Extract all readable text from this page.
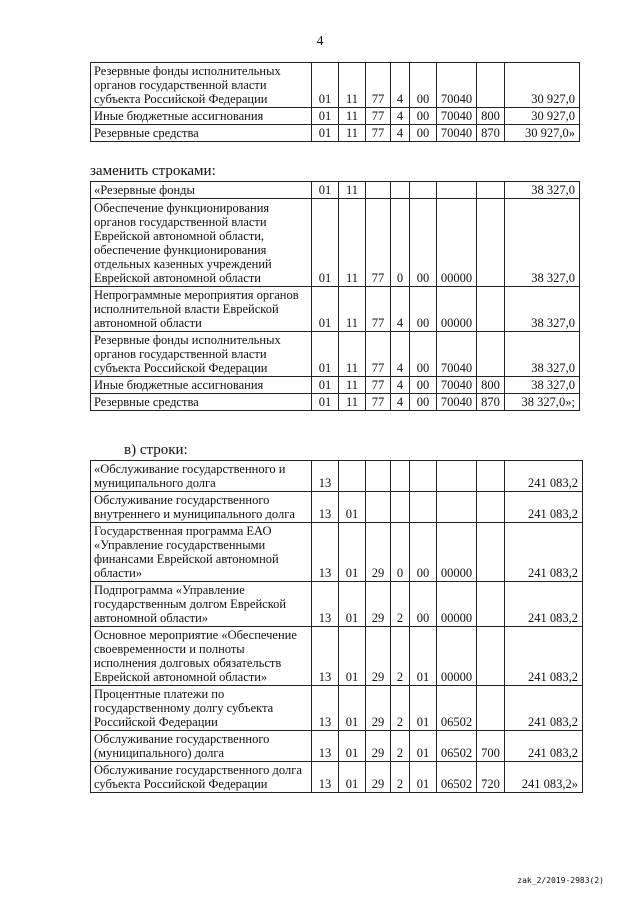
4
Резервные фонды исполнительных органов государственной власти субъекта Российской Федерации	01	11	77	4	00	70040		30 927,0
Иные бюджетные ассигнования	01	11	77	4	00	70040	800	30 927,0
Резервные средства	01	11	77	4	00	70040	870	30 927,0»
заменить строками:
«Резервные фонды	01	11						38 327,0
Обеспечение функционирования органов государственной власти Еврейской автономной области, обеспечение функционирования отдельных казенных учреждений Еврейской автономной области	01	11	77	0	00	00000		38 327,0
Непрограммные мероприятия органов исполнительной власти Еврейской автономной области	01	11	77	4	00	00000		38 327,0
Резервные фонды исполнительных органов государственной власти субъекта Российской Федерации	01	11	77	4	00	70040		38 327,0
Иные бюджетные ассигнования	01	11	77	4	00	70040	800	38 327,0
Резервные средства	01	11	77	4	00	70040	870	38 327,0»;
в) строки:
«Обслуживание государственного и муниципального долга	13							241 083,2
Обслуживание государственного внутреннего и муниципального долга	13	01						241 083,2
Государственная программа ЕАО «Управление государственными финансами Еврейской автономной области»	13	01	29	0	00	00000		241 083,2
Подпрограмма «Управление государственным долгом Еврейской автономной области»	13	01	29	2	00	00000		241 083,2
Основное мероприятие «Обеспечение своевременности и полноты исполнения долговых обязательств Еврейской автономной области»	13	01	29	2	01	00000		241 083,2
Процентные платежи по государственному долгу субъекта Российской Федерации	13	01	29	2	01	06502		241 083,2
Обслуживание государственного (муниципального) долга	13	01	29	2	01	06502	700	241 083,2
Обслуживание государственного долга субъекта Российской Федерации	13	01	29	2	01	06502	720	241 083,2»
zak_2/2019-2983(2)
